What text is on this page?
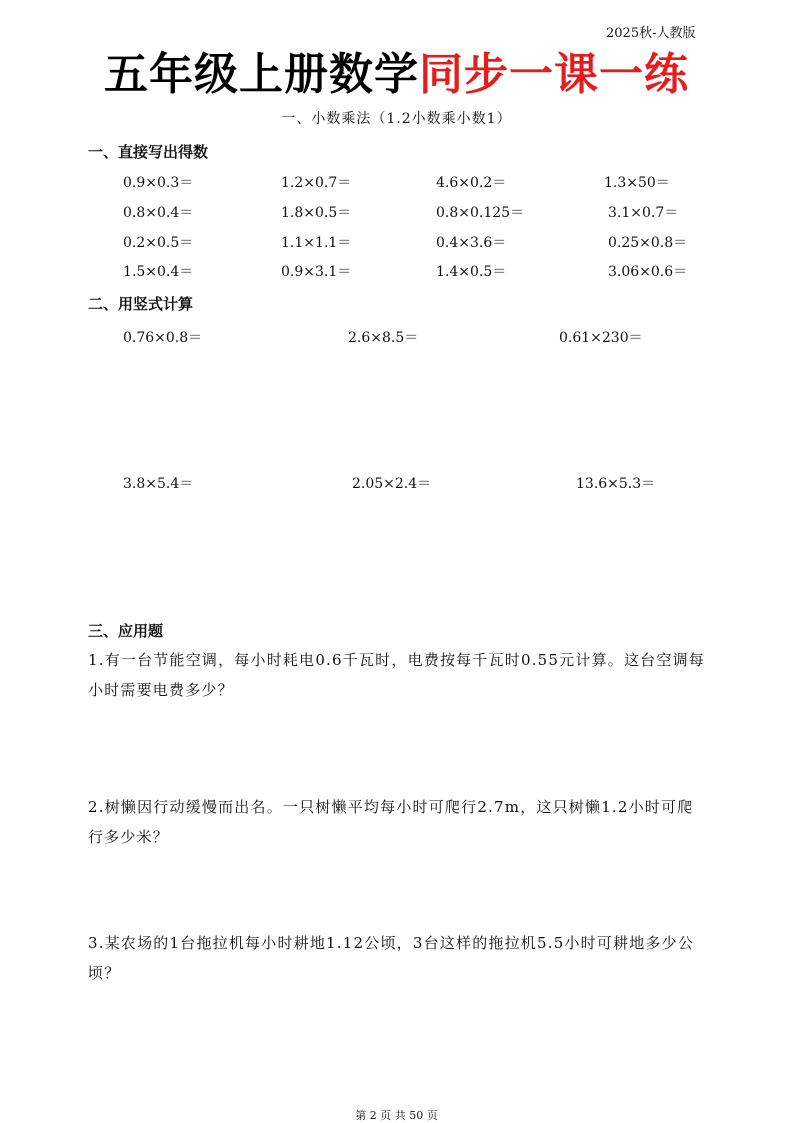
2025秋-人教版
五年级上册数学同步一课一练
一、小数乘法（1.2小数乘小数1）
一、直接写出得数
0.9×0.3＝	1.2×0.7＝	4.6×0.2＝	1.3×50＝
0.8×0.4＝	1.8×0.5＝	0.8×0.125＝	3.1×0.7＝
0.2×0.5＝	1.1×1.1＝	0.4×3.6＝	0.25×0.8＝
1.5×0.4＝	0.9×3.1＝	1.4×0.5＝	3.06×0.6＝
二、用竖式计算
0.76×0.8＝	2.6×8.5＝	0.61×230＝
3.8×5.4＝	2.05×2.4＝	13.6×5.3＝
三、应用题
1.有一台节能空调，每小时耗电0.6千瓦时，电费按每千瓦时0.55元计算。这台空调每小时需要电费多少？
2.树懒因行动缓慢而出名。一只树懒平均每小时可爬行2.7m，这只树懒1.2小时可爬行多少米？
3.某农场的1台拖拉机每小时耕地1.12公顷，3台这样的拖拉机5.5小时可耕地多少公顷？
第 2 页 共 50 页
